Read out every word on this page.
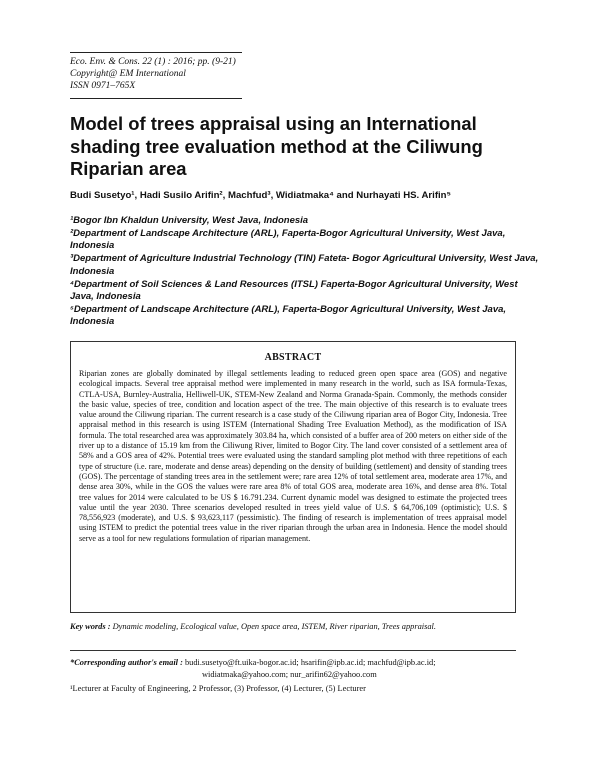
Eco. Env. & Cons. 22 (1) : 2016; pp. (9-21)
Copyright@ EM International
ISSN 0971–765X
Model of trees appraisal using an International shading tree evaluation method at the Ciliwung Riparian area
Budi Susetyo¹, Hadi Susilo Arifin², Machfud³, Widiatmaka⁴ and Nurhayati HS. Arifin⁵
¹Bogor Ibn Khaldun University, West Java, Indonesia
²Department of Landscape Architecture (ARL), Faperta-Bogor Agricultural University, West Java, Indonesia
³Department of Agriculture Industrial Technology (TIN) Fateta- Bogor Agricultural University, West Java, Indonesia
⁴Department of Soil Sciences & Land Resources (ITSL) Faperta-Bogor Agricultural University, West Java, Indonesia
⁵Department of Landscape Architecture (ARL), Faperta-Bogor Agricultural University, West Java, Indonesia
ABSTRACT

Riparian zones are globally dominated by illegal settlements leading to reduced green open space area (GOS) and negative ecological impacts. Several tree appraisal method were implemented in many research in the world, such as ISA formula-Texas, CTLA-USA, Burnley-Australia, Helliwell-UK, STEM-New Zealand and Norma Granada-Spain. Commonly, the methods consider the basic value, species of tree, condition and location aspect of the tree. The main objective of this research is to evaluate trees value around the Ciliwung riparian. The current research is a case study of the Ciliwung riparian area of Bogor City, Indonesia. Tree appraisal method in this research is using ISTEM (International Shading Tree Evaluation Method), as the modification of ISA formula. The total researched area was approximately 303.84 ha, which consisted of a buffer area of 200 meters on either side of the river up to a distance of 15.19 km from the Ciliwung River, limited to Bogor City. The land cover consisted of a settlement area of 58% and a GOS area of 42%. Potential trees were evaluated using the standard sampling plot method with three repetitions of each type of structure (i.e. rare, moderate and dense areas) depending on the density of building (settlement) and density of standing trees (GOS). The percentage of standing trees area in the settlement were; rare area 12% of total settlement area, moderate area 17%, and dense area 30%, while in the GOS the values were rare area 8% of total GOS area, moderate area 16%, and dense area 8%. Total tree values for 2014 were calculated to be US $ 16.791.234. Current dynamic model was designed to estimate the projected trees value until the year 2030. Three scenarios developed resulted in trees yield value of U.S. $ 64,706,109 (optimistic); U.S. $ 78,556,923 (moderate), and U.S. $ 93,623,117 (pessimistic). The finding of research is implementation of trees appraisal model using ISTEM to predict the potential trees value in the river riparian through the urban area in Indonesia. Hence the model should serve as a tool for new regulations formulation of riparian management.

Key words : Dynamic modeling, Ecological value, Open space area, ISTEM, River riparian, Trees appraisal.
*Corresponding author's email : budi.susetyo@ft.uika-bogor.ac.id; hsarifin@ipb.ac.id; machfud@ipb.ac.id;
widiatmaka@yahoo.com; nur_arifin62@yahoo.com
¹Lecturer at Faculty of Engineering, 2 Professor, (3) Professor, (4) Lecturer, (5) Lecturer
